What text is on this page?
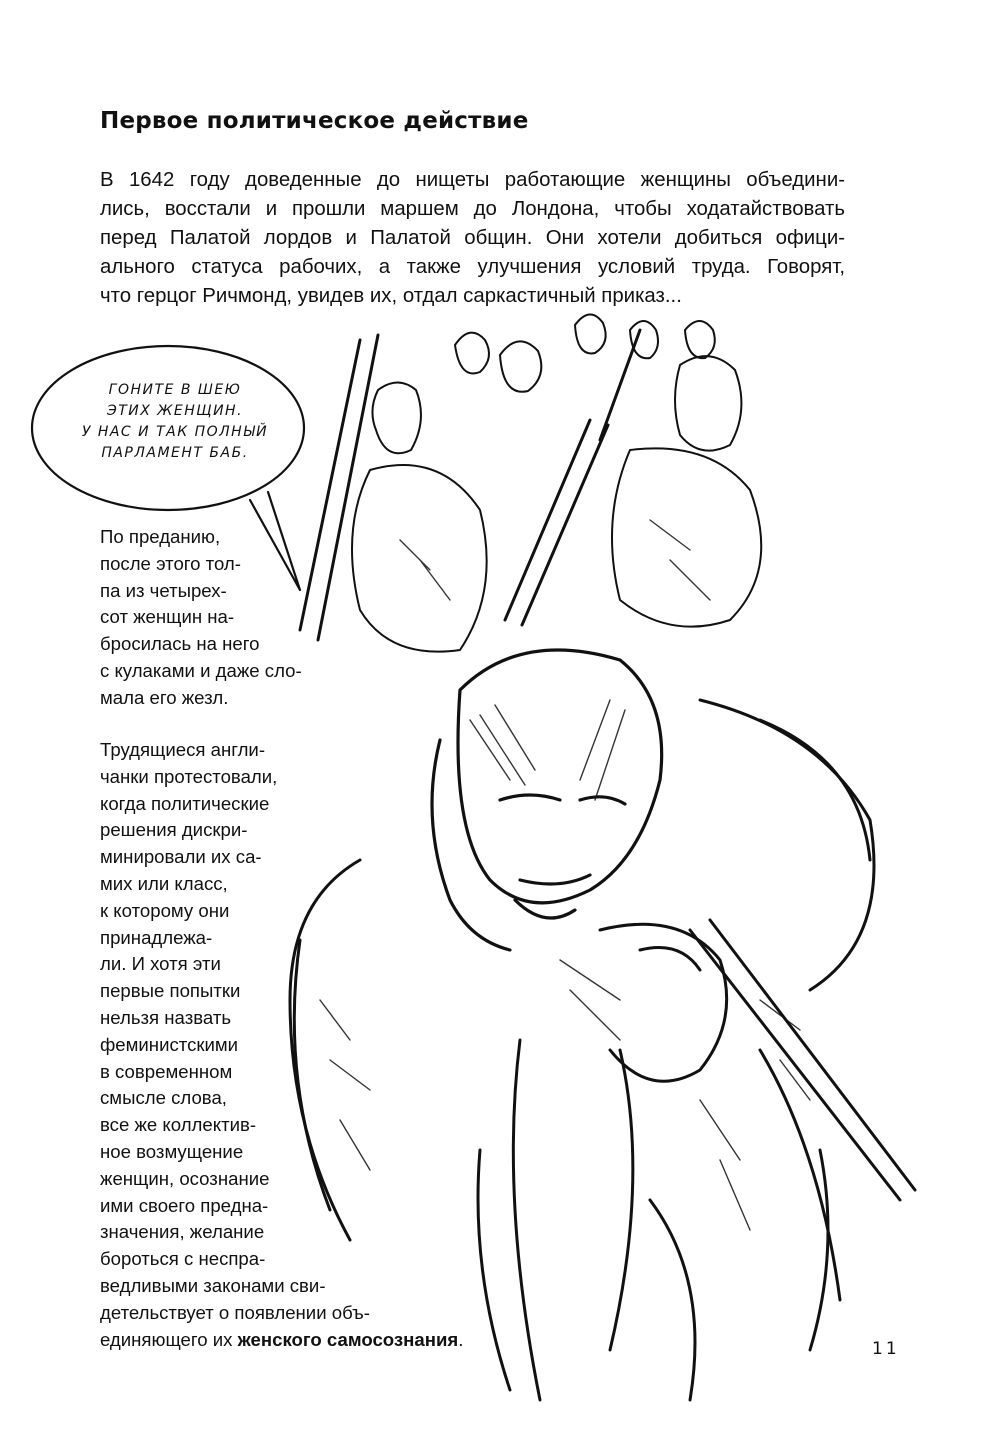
Первое политическое действие

В 1642 году доведенные до нищеты работающие женщины объедини-
лись, восстали и прошли маршем до Лондона, чтобы ходатайствовать
перед Палатой лордов и Палатой общин. Они хотели добиться офици-
ального статуса рабочих, а также улучшения условий труда. Говорят,
что герцог Ричмонд, увидев их, отдал саркастичный приказ...

ГОНИТЕ В ШЕЮ
ЭТИХ ЖЕНЩИН.
У НАС И ТАК ПОЛНЫЙ
ПАРЛАМЕНТ БАБ.

По преданию,
после этого тол-
па из четырех-
сот женщин на-
бросилась на него
с кулаками и даже сло-
мала его жезл.

Трудящиеся англи-
чанки протестовали,
когда политические
решения дискри-
минировали их са-
мих или класс,
к которому они
принадлежа-
ли. И хотя эти
первые попытки
нельзя назвать
феминистскими
в современном
смысле слова,
все же коллектив-
ное возмущение
женщин, осознание
ими своего предна-
значения, желание
бороться с неспра-
ведливыми законами сви-
детельствует о появлении объ-
единяющего их женского самосознания.	11
